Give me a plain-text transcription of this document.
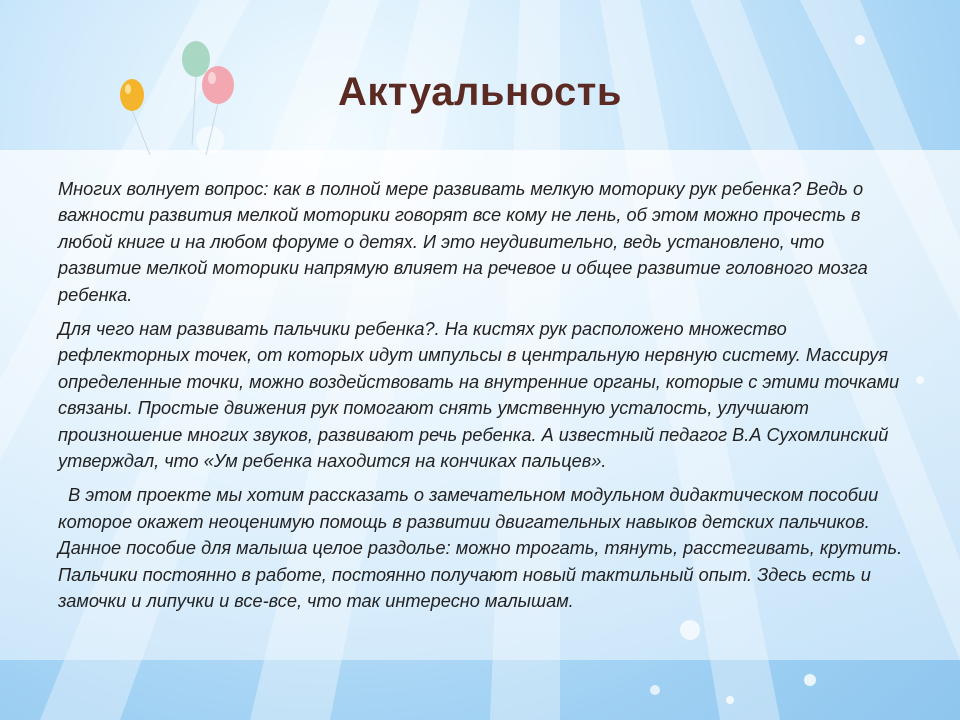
Актуальность

Многих волнует вопрос: как в полной мере развивать мелкую моторику рук ребенка? Ведь о важности развития мелкой моторики говорят все кому не лень, об этом можно прочесть в любой книге и на любом форуме о детях. И это неудивительно, ведь установлено, что развитие мелкой моторики напрямую влияет на речевое и общее развитие головного мозга ребенка.

Для чего нам развивать пальчики ребенка?. На кистях рук расположено множество рефлекторных точек, от которых идут импульсы в центральную нервную систему. Массируя определенные точки, можно воздействовать на внутренние органы, которые с этими точками связаны. Простые движения рук помогают снять умственную усталость, улучшают произношение многих звуков, развивают речь ребенка. А известный педагог В.А Сухомлинский утверждал, что «Ум ребенка находится на кончиках пальцев».

В этом проекте мы хотим рассказать о замечательном модульном дидактическом пособии которое окажет неоценимую помощь в развитии двигательных навыков детских пальчиков. Данное пособие для малыша целое раздолье: можно трогать, тянуть, расстегивать, крутить. Пальчики постоянно в работе, постоянно получают новый тактильный опыт. Здесь есть и замочки и липучки и все-все, что так интересно малышам.
